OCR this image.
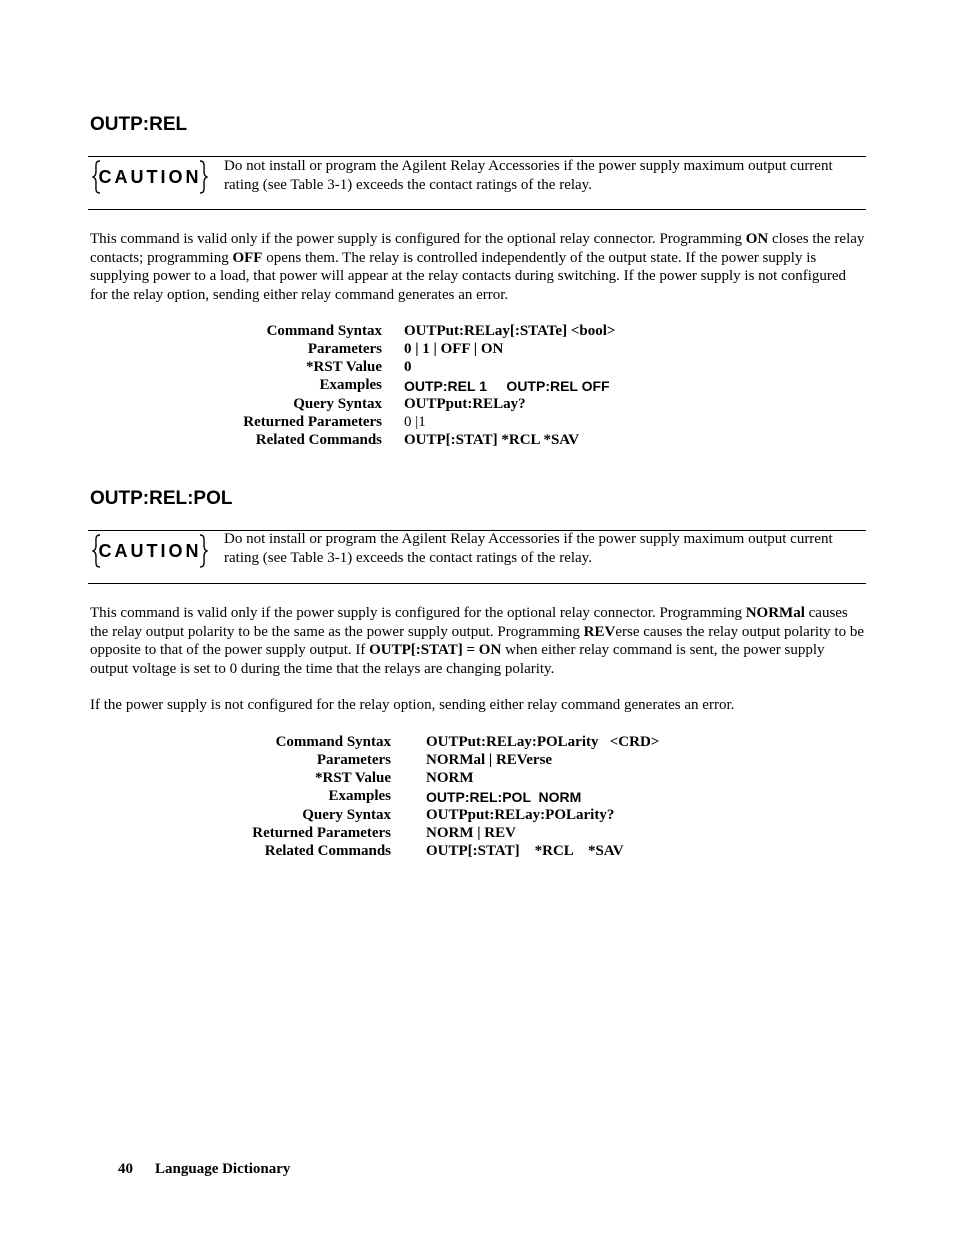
OUTP:REL
CAUTION
Do not install or program the Agilent Relay Accessories if the power supply maximum output current
rating (see Table 3-1) exceeds the contact ratings of the relay.

This command is valid only if the power supply is configured for the optional relay connector. Programming ON closes the relay contacts; programming OFF opens them. The relay is controlled independently of the output state. If the power supply is supplying power to a load, that power will appear at the relay contacts during switching. If the power supply is not configured for the relay option, sending either relay command generates an error.

Command Syntax OUTPut:RELay[:STATe] <bool>
Parameters 0 | 1 | OFF | ON
*RST Value 0
Examples OUTP:REL 1     OUTP:REL OFF
Query Syntax OUTPput:RELay?
Returned Parameters 0 |1
Related Commands OUTP[:STAT] *RCL *SAV
OUTP:REL:POL
CAUTION
Do not install or program the Agilent Relay Accessories if the power supply maximum output current
rating (see Table 3-1) exceeds the contact ratings of the relay.

This command is valid only if the power supply is configured for the optional relay connector. Programming NORMal causes the relay output polarity to be the same as the power supply output. Programming REVerse causes the relay output polarity to be opposite to that of the power supply output. If OUTP[:STAT] = ON when either relay command is sent, the power supply output voltage is set to 0 during the time that the relays are changing polarity.

If the power supply is not configured for the relay option, sending either relay command generates an error.

Command Syntax OUTPut:RELay:POLarity   <CRD>
Parameters NORMal | REVerse
*RST Value NORM
Examples	OUTP:REL:POL  NORM
Query Syntax OUTPput:RELay:POLarity?
Returned Parameters NORM | REV
Related Commands OUTP[:STAT]    *RCL    *SAV
40 Language Dictionary
